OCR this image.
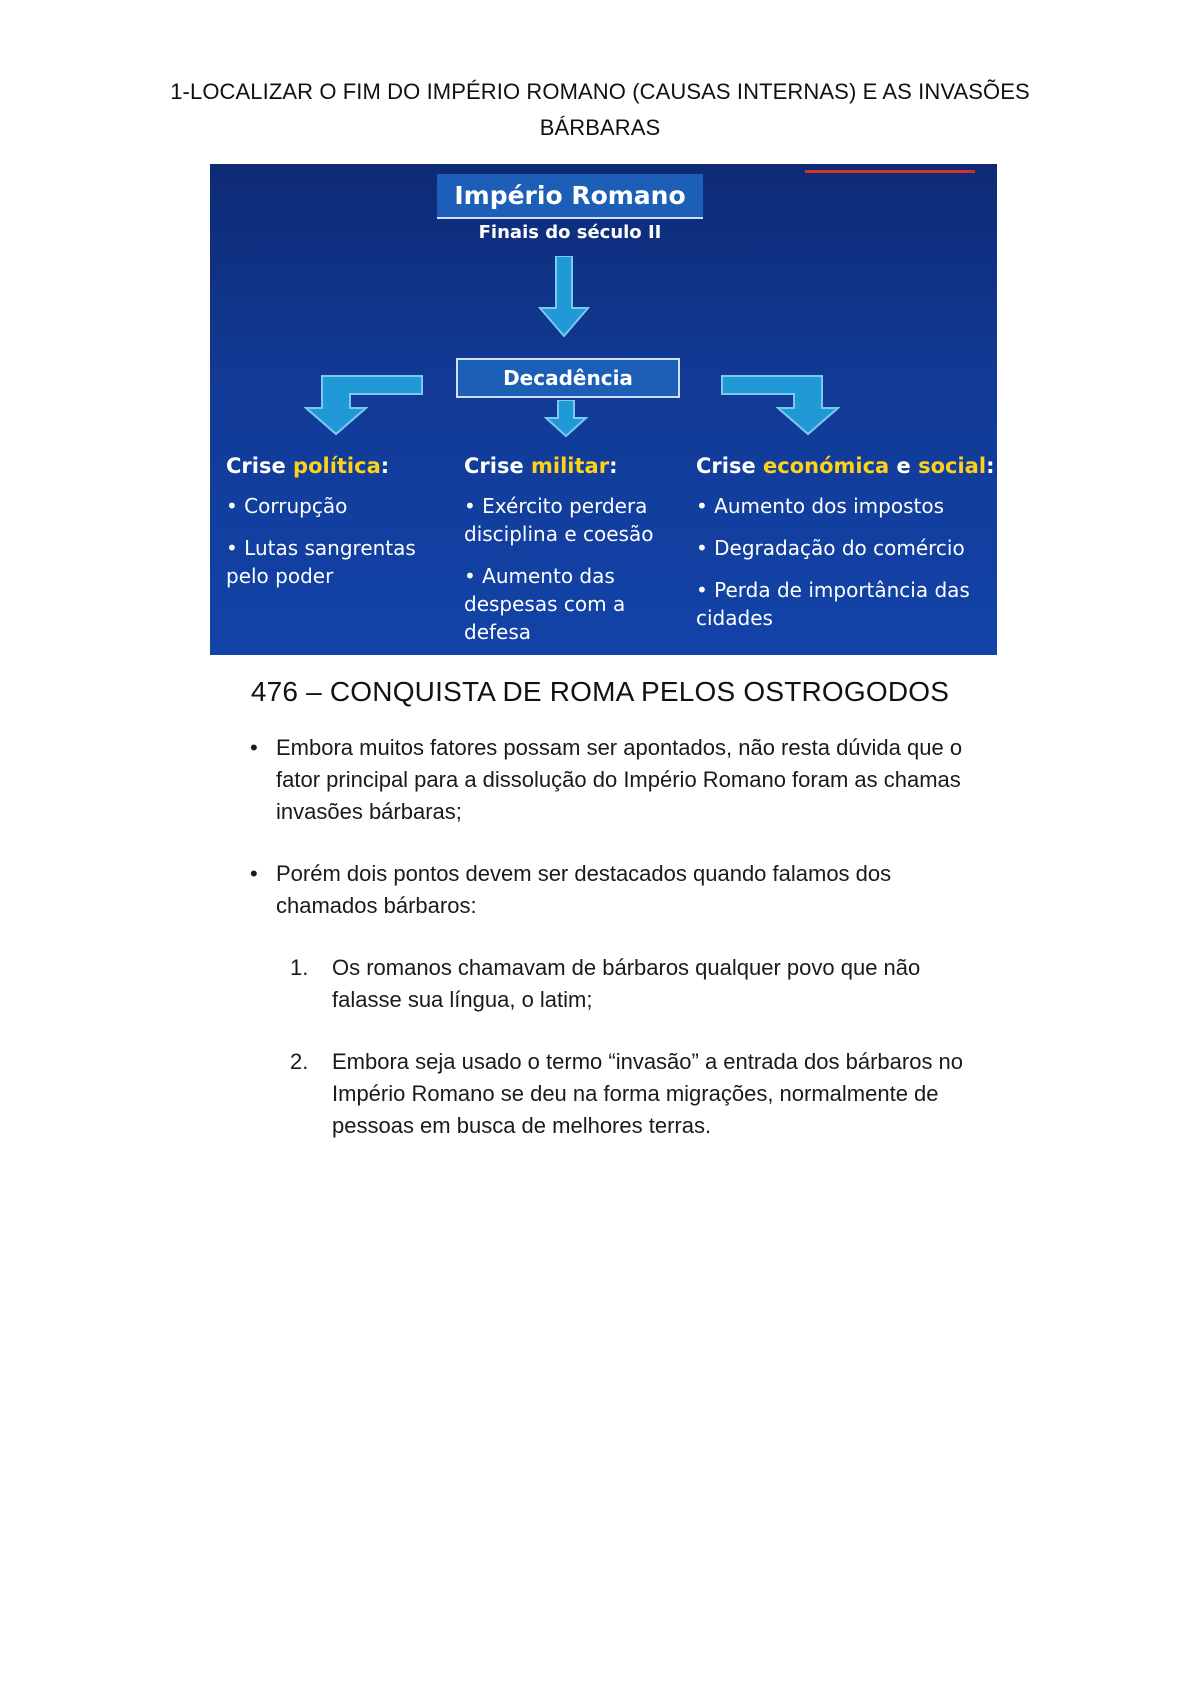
1-LOCALIZAR O FIM DO IMPÉRIO ROMANO (CAUSAS INTERNAS) E AS INVASÕES BÁRBARAS
Império Romano
Finais do século II
Decadência
Crise política:
• Corrupção
• Lutas sangrentas pelo poder
Crise militar:
• Exército perdera disciplina e coesão
• Aumento das despesas com a defesa
Crise económica e social:
• Aumento dos impostos
• Degradação do comércio
• Perda de importância das cidades
476 – CONQUISTA DE ROMA PELOS OSTROGODOS
• Embora muitos fatores possam ser apontados, não resta dúvida que o fator principal para a dissolução do Império Romano foram as chamas invasões bárbaras;
• Porém dois pontos devem ser destacados quando falamos dos chamados bárbaros:
1. Os romanos chamavam de bárbaros qualquer povo que não falasse sua língua, o latim;
2. Embora seja usado o termo “invasão” a entrada dos bárbaros no Império Romano se deu na forma migrações, normalmente de pessoas em busca de melhores terras.
